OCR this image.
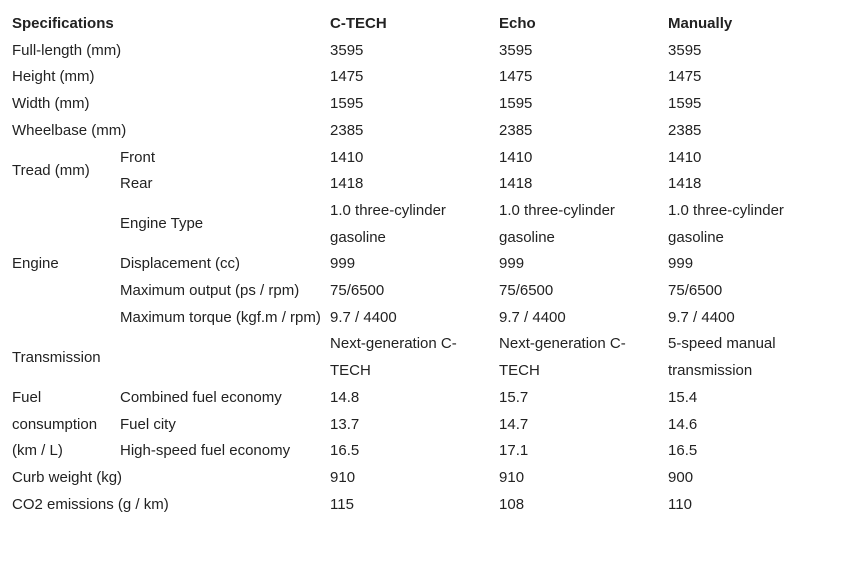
Specifications		C-TECH	Echo	Manually
Full-length (mm)		3595	3595	3595
Height (mm)		1475	1475	1475
Width (mm)		1595	1595	1595
Wheelbase (mm)		2385	2385	2385
Tread (mm)	Front	1410	1410	1410
	Rear	1418	1418	1418
Engine	Engine Type	1.0 three-cylinder gasoline	1.0 three-cylinder gasoline	1.0 three-cylinder gasoline
	Displacement (cc)	999	999	999
	Maximum output (ps / rpm)	75/6500	75/6500	75/6500
	Maximum torque (kgf.m / rpm)	9.7 / 4400	9.7 / 4400	9.7 / 4400
Transmission		Next-generation C-TECH	Next-generation C-TECH	5-speed manual transmission
Fuel consumption (km / L)	Combined fuel economy	14.8	15.7	15.4
	Fuel city	13.7	14.7	14.6
	High-speed fuel economy	16.5	17.1	16.5
Curb weight (kg)		910	910	900
CO2 emissions (g / km)		115	108	110
